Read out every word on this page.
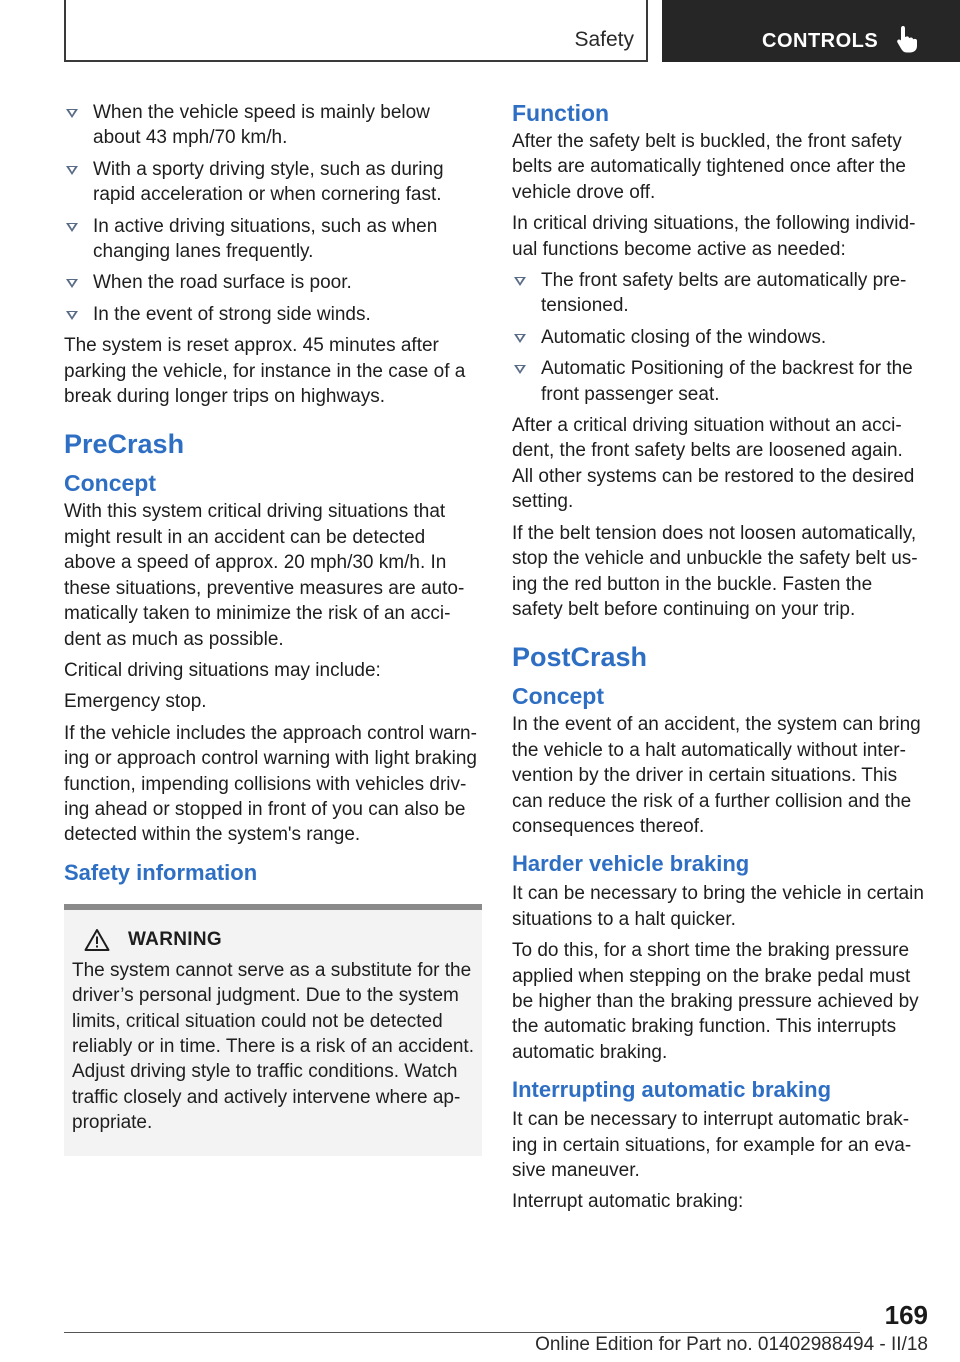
Safety	CONTROLS
When the vehicle speed is mainly below about 43 mph/70 km/h.
With a sporty driving style, such as during rapid acceleration or when cornering fast.
In active driving situations, such as when changing lanes frequently.
When the road surface is poor.
In the event of strong side winds.

The system is reset approx. 45 minutes after parking the vehicle, for instance in the case of a break during longer trips on highways.

PreCrash
Concept

With this system critical driving situations that might result in an accident can be detected above a speed of approx. 20 mph/30 km/h. In these situations, preventive measures are auto-matically taken to minimize the risk of an acci-dent as much as possible.

Critical driving situations may include:

Emergency stop.

If the vehicle includes the approach control warn-ing or approach control warning with light braking function, impending collisions with vehicles driv-ing ahead or stopped in front of you can also be detected within the system's range.

Safety information
WARNING

The system cannot serve as a substitute for the driver’s personal judgment. Due to the system limits, critical situation could not be detected reliably or in time. There is a risk of an accident. Adjust driving style to traffic conditions. Watch traffic closely and actively intervene where ap-propriate.

Function

After the safety belt is buckled, the front safety belts are automatically tightened once after the vehicle drove off.

In critical driving situations, the following individ-ual functions become active as needed:

The front safety belts are automatically pre-tensioned.
Automatic closing of the windows.
Automatic Positioning of the backrest for the front passenger seat.

After a critical driving situation without an acci-dent, the front safety belts are loosened again. All other systems can be restored to the desired setting.

If the belt tension does not loosen automatically, stop the vehicle and unbuckle the safety belt us-ing the red button in the buckle. Fasten the safety belt before continuing on your trip.

PostCrash
Concept

In the event of an accident, the system can bring the vehicle to a halt automatically without inter-vention by the driver in certain situations. This can reduce the risk of a further collision and the consequences thereof.

Harder vehicle braking

It can be necessary to bring the vehicle in certain situations to a halt quicker.

To do this, for a short time the braking pressure applied when stepping on the brake pedal must be higher than the braking pressure achieved by the automatic braking function. This interrupts automatic braking.

Interrupting automatic braking

It can be necessary to interrupt automatic brak-ing in certain situations, for example for an eva-sive maneuver.

Interrupt automatic braking:

169
Online Edition for Part no. 01402988494 - II/18
